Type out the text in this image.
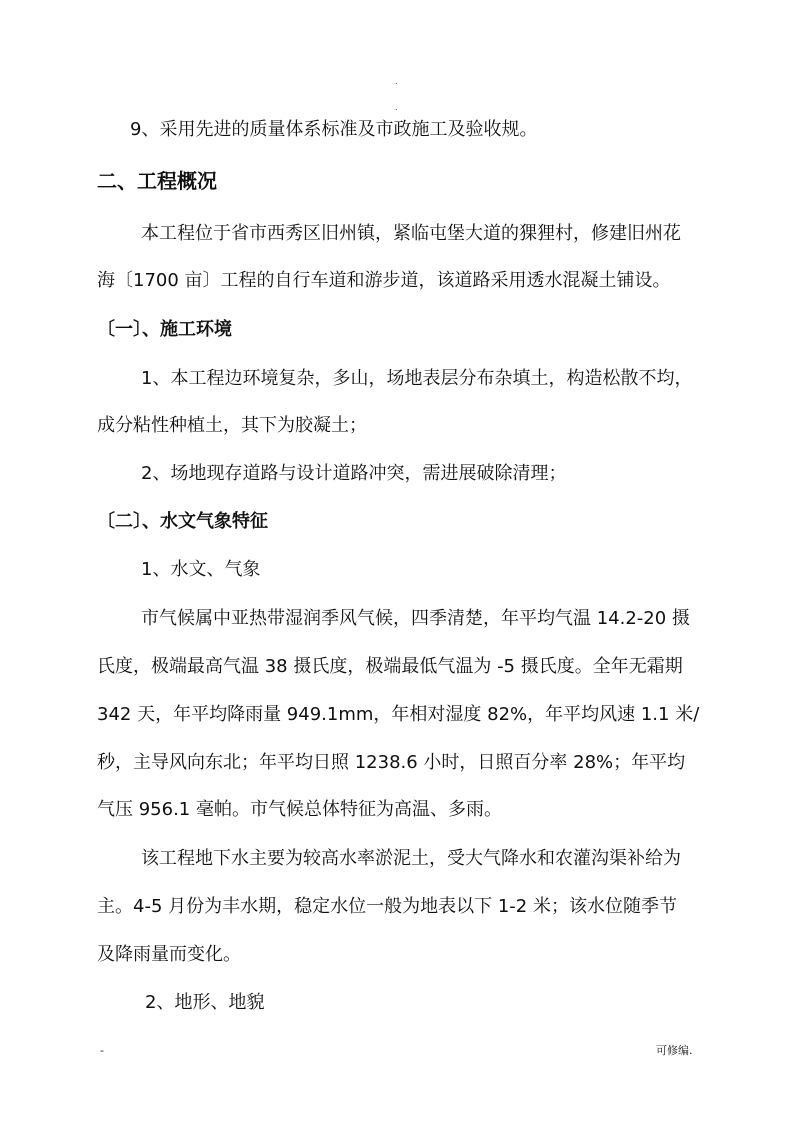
.
.
9、采用先进的质量体系标准及市政施工及验收规。
二、工程概况
本工程位于省市西秀区旧州镇，紧临屯堡大道的猓狸村，修建旧州花
海〔1700 亩〕工程的自行车道和游步道，该道路采用透水混凝土铺设。
〔一〕、施工环境
1、本工程边环境复杂，多山，场地表层分布杂填土，构造松散不均，
成分粘性种植土，其下为胶凝土；
2、场地现存道路与设计道路冲突，需进展破除清理；
〔二〕、水文气象特征
1、水文、气象
市气候属中亚热带湿润季风气候，四季清楚，年平均气温 14.2-20 摄
氏度，极端最高气温 38 摄氏度，极端最低气温为 -5 摄氏度。全年无霜期
342 天，年平均降雨量 949.1mm，年相对湿度 82%，年平均风速 1.1 米/
秒，主导风向东北；年平均日照 1238.6 小时，日照百分率 28%；年平均
气压 956.1 毫帕。市气候总体特征为高温、多雨。
该工程地下水主要为较高水率淤泥土，受大气降水和农灌沟渠补给为
主。4-5 月份为丰水期，稳定水位一般为地表以下 1-2 米；该水位随季节
及降雨量而变化。
2、地形、地貌
-	可修编.
